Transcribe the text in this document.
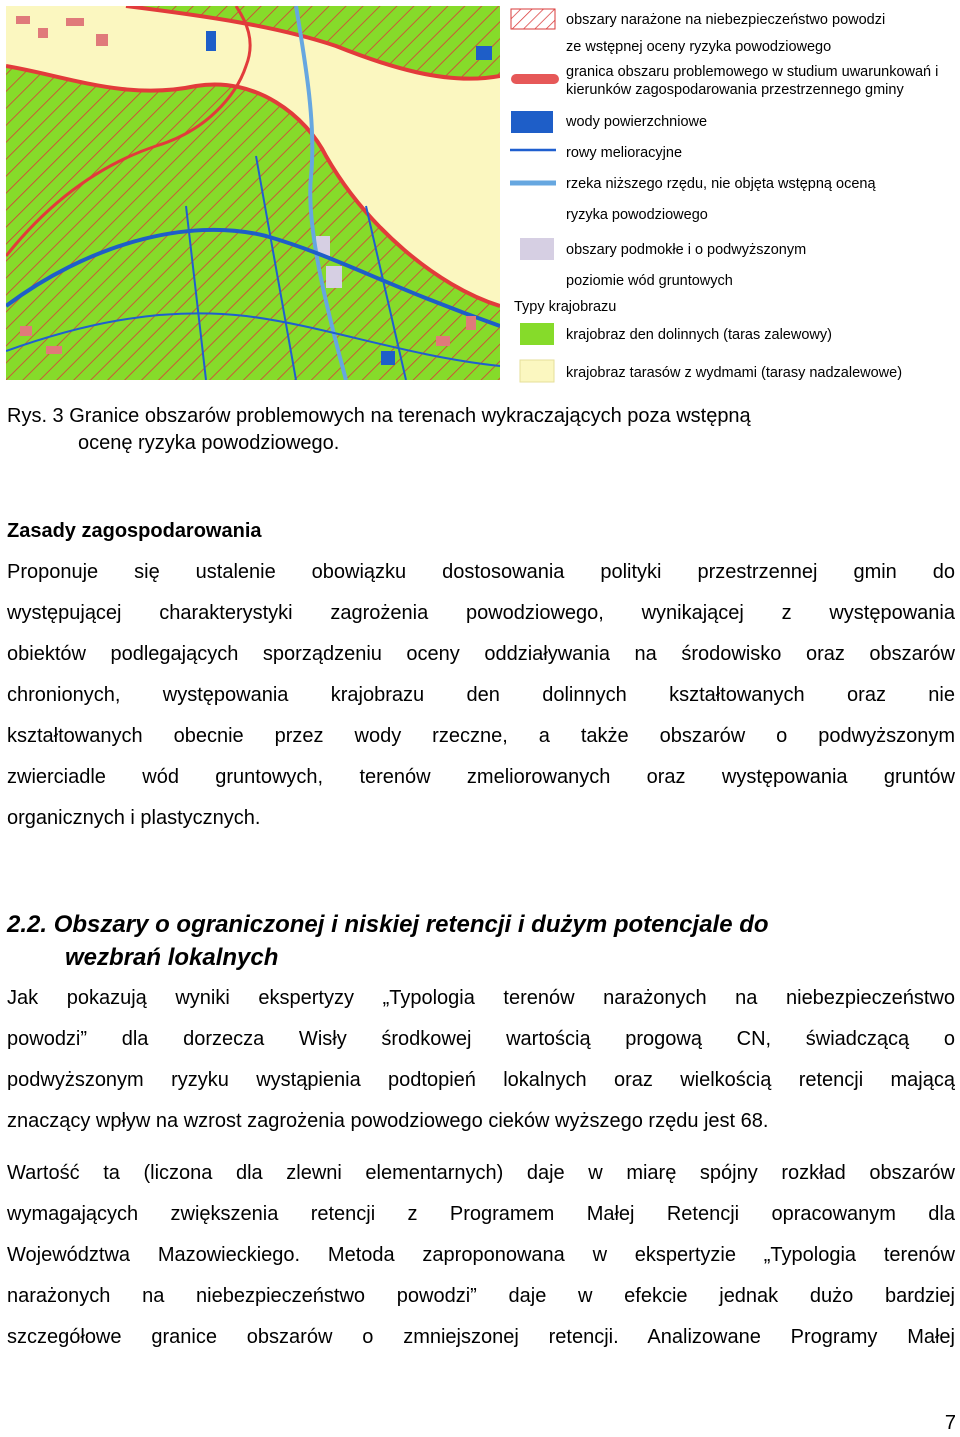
obszary narażone na niebezpieczeństwo powodzi
ze wstępnej oceny ryzyka powodziowego
granica obszaru problemowego w studium uwarunkowań i
kierunków zagospodarowania przestrzennego gminy
wody powierzchniowe
rowy melioracyjne
rzeka niższego rzędu, nie objęta wstępną oceną
ryzyka powodziowego
obszary podmokłe i o podwyższonym
poziomie wód gruntowych
Typy krajobrazu
krajobraz den dolinnych (taras zalewowy)
krajobraz tarasów z wydmami (tarasy nadzalewowe)
Rys. 3 Granice obszarów problemowych na terenach wykraczających poza wstępną
ocenę ryzyka powodziowego.
Zasady zagospodarowania
Proponuje się ustalenie obowiązku dostosowania polityki przestrzennej gmin do
występującej charakterystyki zagrożenia powodziowego, wynikającej z występowania
obiektów podlegających sporządzeniu oceny oddziaływania na środowisko oraz obszarów
chronionych, występowania krajobrazu den dolinnych kształtowanych oraz nie
kształtowanych obecnie przez wody rzeczne, a także obszarów o podwyższonym
zwierciadle wód gruntowych, terenów zmeliorowanych oraz występowania gruntów
organicznych i plastycznych.
2.2. Obszary o ograniczonej i niskiej retencji i dużym potencjale do
wezbrań lokalnych
Jak pokazują wyniki ekspertyzy „Typologia terenów narażonych na niebezpieczeństwo
powodzi” dla dorzecza Wisły środkowej wartością progową CN, świadczącą o
podwyższonym ryzyku wystąpienia podtopień lokalnych oraz wielkością retencji mającą
znaczący wpływ na wzrost zagrożenia powodziowego cieków wyższego rzędu jest 68.
Wartość ta (liczona dla zlewni elementarnych) daje w miarę spójny rozkład obszarów
wymagających zwiększenia retencji z Programem Małej Retencji opracowanym dla
Województwa Mazowieckiego. Metoda zaproponowana w ekspertyzie „Typologia terenów
narażonych na niebezpieczeństwo powodzi” daje w efekcie jednak dużo bardziej
szczegółowe granice obszarów o zmniejszonej retencji. Analizowane Programy Małej
7
